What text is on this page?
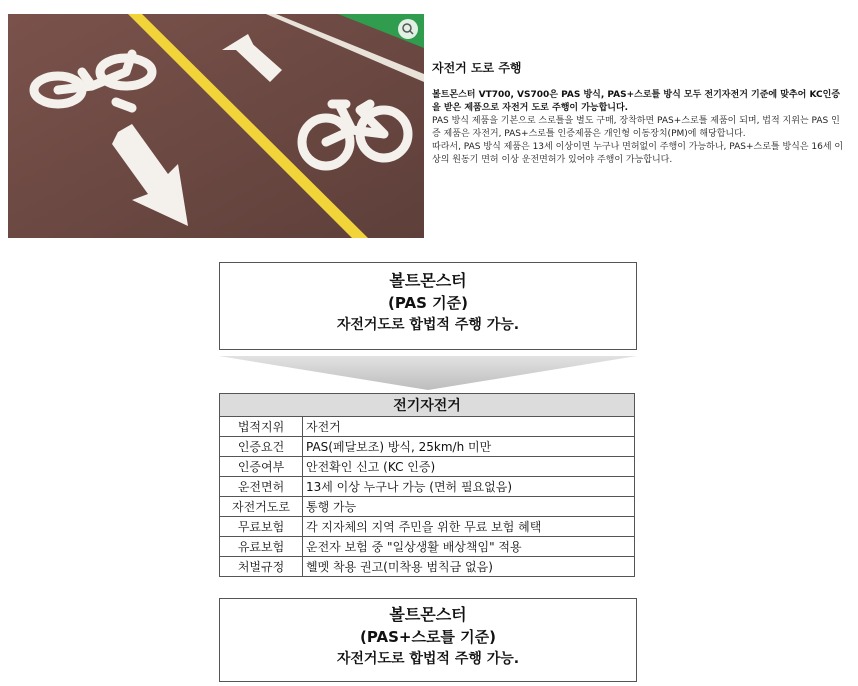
자전거 도로 주행

볼트몬스터 VT700, VS700은 PAS 방식, PAS+스로틀 방식 모두 전기자전거 기준에 맞추어 KC인증을 받은 제품으로 자전거 도로 주행이 가능합니다.

PAS 방식 제품을 기본으로 스로틀을 별도 구매, 장착하면 PAS+스로틀 제품이 되며, 법적 지위는 PAS 인증 제품은 자전거, PAS+스로틀 인증제품은 개인형 이동장치(PM)에 해당합니다.

따라서, PAS 방식 제품은 13세 이상이면 누구나 면허없이 주행이 가능하나, PAS+스로틀 방식은 16세 이상의 원동기 면허 이상 운전면허가 있어야 주행이 가능합니다.

볼트몬스터
(PAS 기준)
자전거도로 합법적 주행 가능.
전기자전거	
법적지위	자전거
인증요건	PAS(페달보조) 방식, 25km/h 미만
인증여부	안전확인 신고 (KC 인증)
운전면허	13세 이상 누구나 가능 (면허 필요없음)
자전거도로	통행 가능
무료보험	각 지자체의 지역 주민을 위한 무료 보험 혜택
유료보험	운전자 보험 중 "일상생활 배상책임" 적용
처벌규정	헬멧 착용 권고(미착용 범칙금 없음)
볼트몬스터
(PAS+스로틀 기준)
자전거도로 합법적 주행 가능.
